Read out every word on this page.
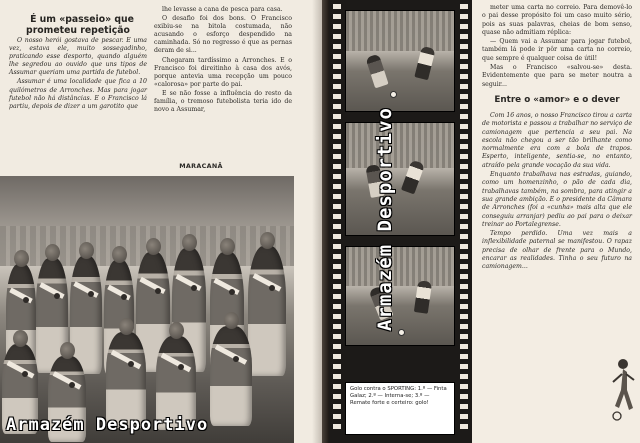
É um «passeio» que prometeu repetição

O nosso herói gostava de pescar. E uma vez, estava ele, muito sossegadinho, praticando esse desporto, quando alguém lhe segredou ao ouvido que uns tipos de Assumar queriam uma partida de futebol.

Assumar é uma localidade que fica a 10 quilómetros de Arronches. Mas para jogar futebol não há distâncias. E o Francisco lá partiu, depois de dizer a um garotito que

lhe levasse a cana de pesca para casa.

O desafio foi dos bons. O Francisco exibiu-se na bitola costumada, não acusando o esforço despendido na caminhada. Só no regresso é que as pernas deram de si...

Chegaram tardíssimo a Arronches. E o Francisco foi direitinho à casa dos avós, porque antevia uma recepção um pouco «calorosa» por parte do pai.

E se não fosse a influência do resto da família, o tremoso futebolista teria ido de novo a Assumar,

MARACANÃ
Armazém Desportivo
Golo contra o SPORTING: 1.º — Finta Galaz; 2.º — Interna-se; 3.º — Remate forte e certeiro: golo!

meter uma carta no correio. Para demovê-lo o pai desse propósito foi um caso muito sério, pois as suas palavras, cheias de bom senso, quase não admitiam réplica:

— Quem vai a Assumar para jogar futebol, também lá pode ir pôr uma carta no correio, que sempre é qualquer coisa de útil!

Mas o Francisco «salvou-se» desta. Evidentemente que para se meter noutra a seguir...

Entre o «amor» e o dever

Com 16 anos, o nosso Francisco tirou a carta de motorista e passou a trabalhar no serviço de camionagem que pertencia a seu pai. Na escola não chegou a ser tão brilhante como normalmente era com a bola de trapos. Esperto, inteligente, sentia-se, no entanto, atraído pela grande vocação da sua vida.

Enquanto trabalhava nas estradas, guiando, como um homenzinho, o pão de cada dia, trabalhavas também, na sombra, para atingir a sua grande ambição. E o presidente da Câmara de Arronches (foi a «cunha» mais alta que ele conseguiu arranjar) pediu ao pai para o deixar treinar ao Portalegrense.

Tempo perdido. Uma vez mais a inflexibilidade paternal se manifestou. O rapaz precisa de olhar de frente para o Mundo, encarar as realidades. Tinha o seu futuro na camionagem...

Armazém Desportivo
